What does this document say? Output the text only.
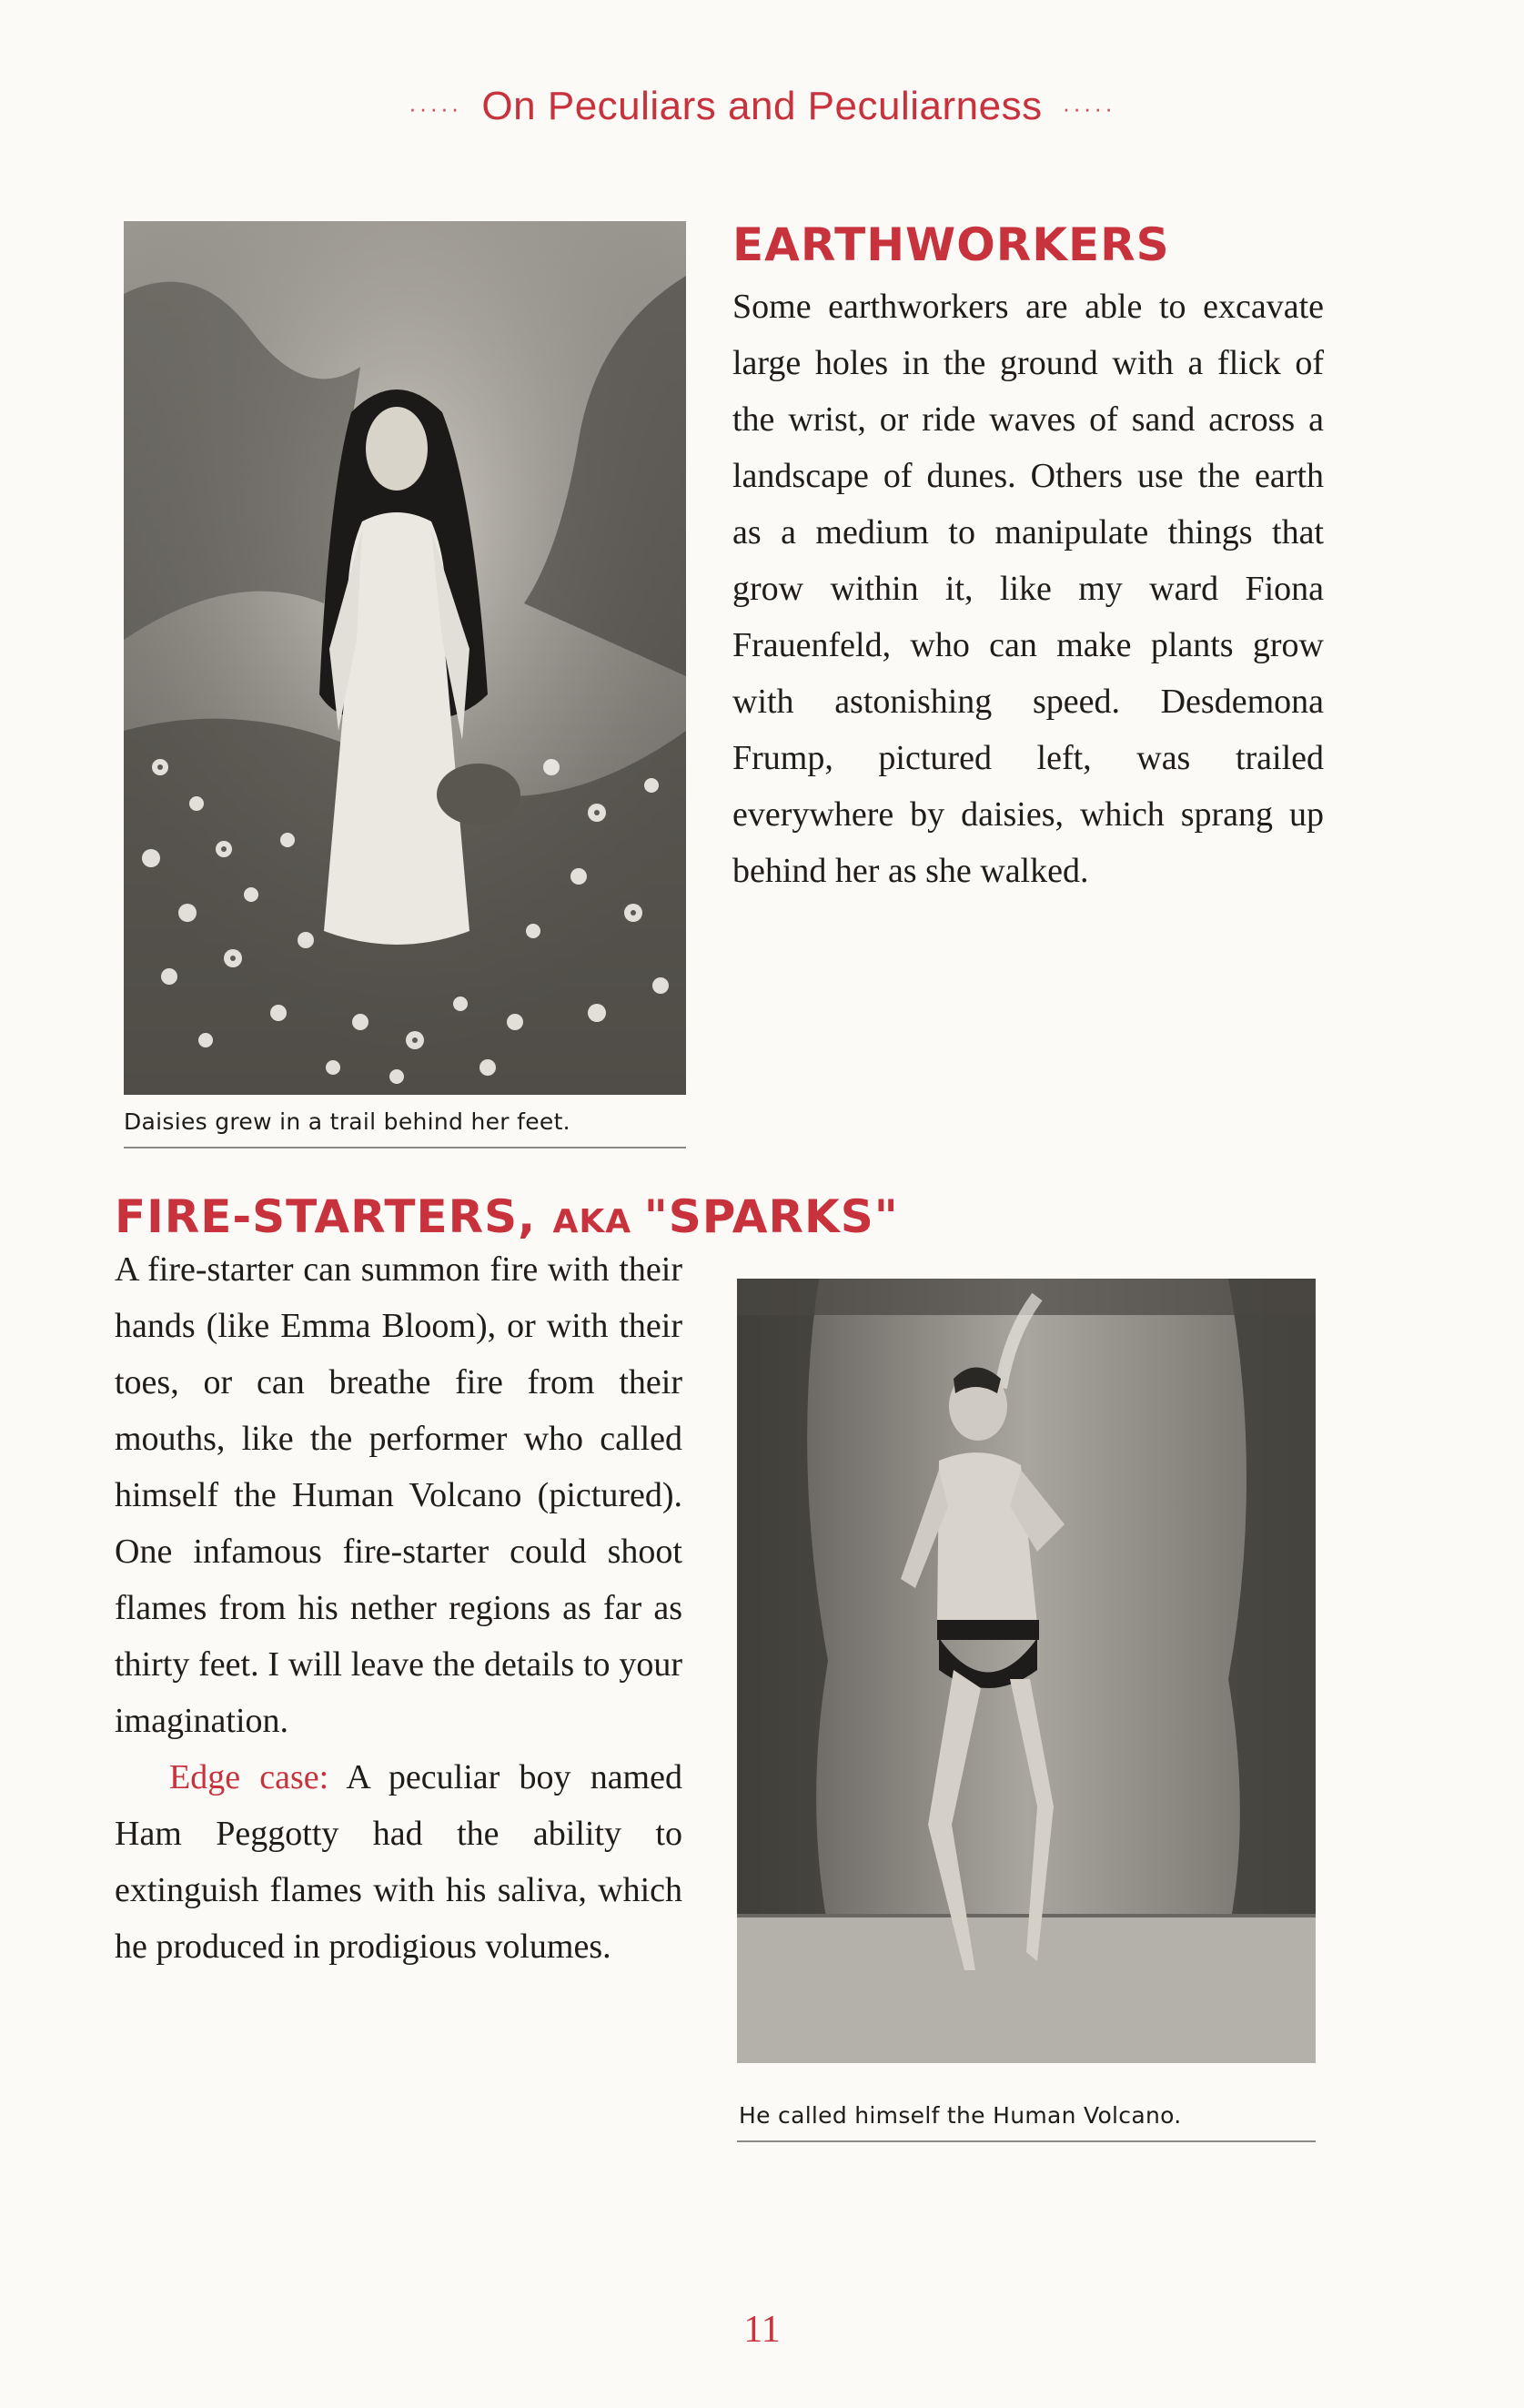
····· On Peculiars and Peculiarness ·····
Daisies grew in a trail behind her feet.
EARTHWORKERS

Some earthworkers are able to excavate large holes in the ground with a flick of the wrist, or ride waves of sand across a landscape of dunes. Others use the earth as a medium to manipulate things that grow within it, like my ward Fiona Frauenfeld, who can make plants grow with astonishing speed. Desdemona Frump, pictured left, was trailed everywhere by daisies, which sprang up behind her as she walked.

FIRE-STARTERS, AKA "SPARKS"

A fire-starter can summon fire with their hands (like Emma Bloom), or with their toes, or can breathe fire from their mouths, like the performer who called himself the Human Volcano (pictured). One infamous fire-starter could shoot flames from his nether regions as far as thirty feet. I will leave the details to your imagination.

Edge case: A peculiar boy named Ham Peggotty had the ability to extinguish flames with his saliva, which he produced in prodigious volumes.

He called himself the Human Volcano.
11
